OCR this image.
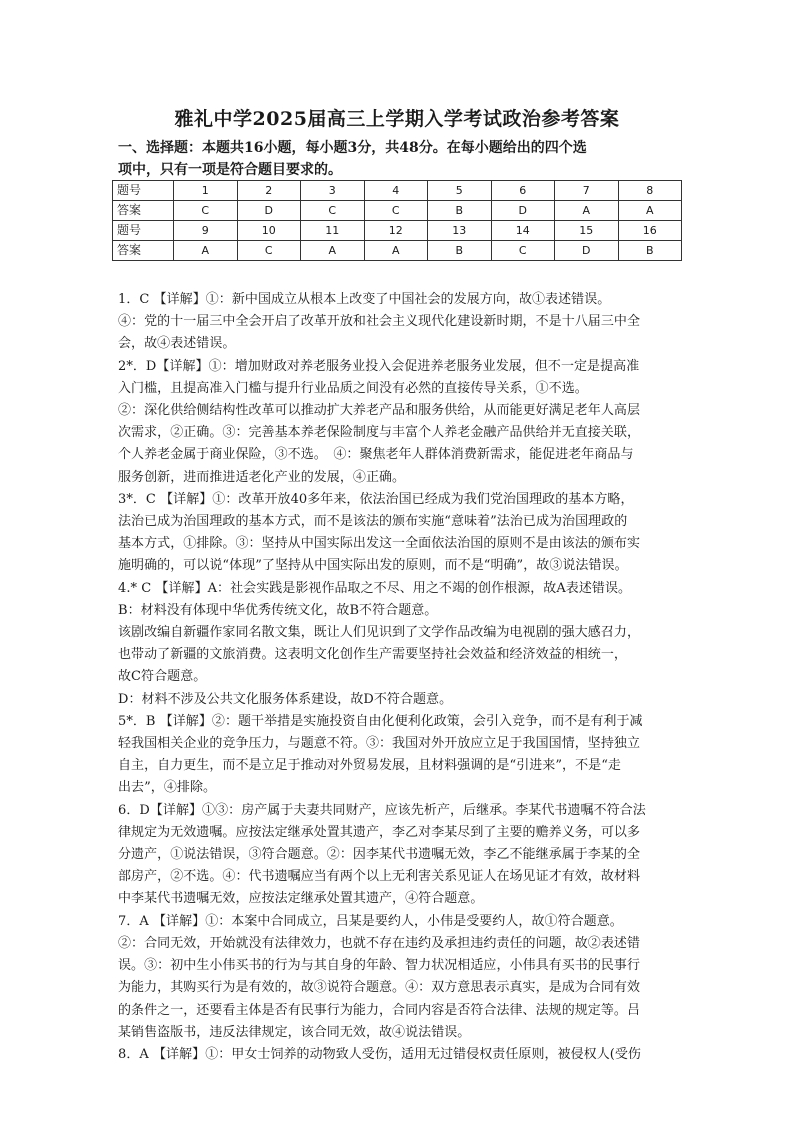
雅礼中学2025届高三上学期入学考试政治参考答案
一、选择题：本题共16小题，每小题3分，共48分。在每小题给出的四个选
项中，只有一项是符合题目要求的。
题号	1	2	3	4	5	6	7	8
答案	C	D	C	C	B	D	A	A
题号	9	10	11	12	13	14	15	16
答案	A	C	A	A	B	C	D	B

1．C 【详解】①：新中国成立从根本上改变了中国社会的发展方向，故①表述错误。

④：党的十一届三中全会开启了改革开放和社会主义现代化建设新时期，不是十八届三中全

会，故④表述错误。

2*．D【详解】①：增加财政对养老服务业投入会促进养老服务业发展，但不一定是提高准

入门槛，且提高准入门槛与提升行业品质之间没有必然的直接传导关系，①不选。

②：深化供给侧结构性改革可以推动扩大养老产品和服务供给，从而能更好满足老年人高层

次需求，②正确。③：完善基本养老保险制度与丰富个人养老金融产品供给并无直接关联，

个人养老金属于商业保险，③不选。　④：聚焦老年人群体消费新需求，能促进老年商品与

服务创新，进而推进适老化产业的发展，④正确。

3*．C 【详解】①：改革开放40多年来，依法治国已经成为我们党治国理政的基本方略，

法治已成为治国理政的基本方式，而不是该法的颁布实施“意味着”法治已成为治国理政的

基本方式，①排除。③：坚持从中国实际出发这一全面依法治国的原则不是由该法的颁布实

施明确的，可以说“体现”了坚持从中国实际出发的原则，而不是“明确”，故③说法错误。

4.* C 【详解】A：社会实践是影视作品取之不尽、用之不竭的创作根源，故A表述错误。

B：材料没有体现中华优秀传统文化，故B不符合题意。

该剧改编自新疆作家同名散文集，既让人们见识到了文学作品改编为电视剧的强大感召力，

也带动了新疆的文旅消费。这表明文化创作生产需要坚持社会效益和经济效益的相统一，

故C符合题意。

D：材料不涉及公共文化服务体系建设，故D不符合题意。

5*．B 【详解】②：题干举措是实施投资自由化便利化政策，会引入竞争，而不是有利于减

轻我国相关企业的竞争压力，与题意不符。③：我国对外开放应立足于我国国情，坚持独立

自主，自力更生，而不是立足于推动对外贸易发展，且材料强调的是“引进来”，不是“走

出去”，④排除。

6．D【详解】①③：房产属于夫妻共同财产，应该先析产，后继承。李某代书遗嘱不符合法

律规定为无效遗嘱。应按法定继承处置其遗产，李乙对李某尽到了主要的赡养义务，可以多

分遗产，①说法错误，③符合题意。②：因李某代书遗嘱无效，李乙不能继承属于李某的全

部房产，②不选。④：代书遗嘱应当有两个以上无利害关系见证人在场见证才有效，故材料

中李某代书遗嘱无效，应按法定继承处置其遗产，④符合题意。

7．A 【详解】①：本案中合同成立，吕某是要约人，小伟是受要约人，故①符合题意。

②：合同无效，开始就没有法律效力，也就不存在违约及承担违约责任的问题，故②表述错

误。③：初中生小伟买书的行为与其自身的年龄、智力状况相适应，小伟具有买书的民事行

为能力，其购买行为是有效的，故③说符合题意。④：双方意思表示真实，是成为合同有效

的条件之一，还要看主体是否有民事行为能力，合同内容是否符合法律、法规的规定等。吕

某销售盗版书，违反法律规定，该合同无效，故④说法错误。

8．A 【详解】①：甲女士饲养的动物致人受伤，适用无过错侵权责任原则，被侵权人(受伤
